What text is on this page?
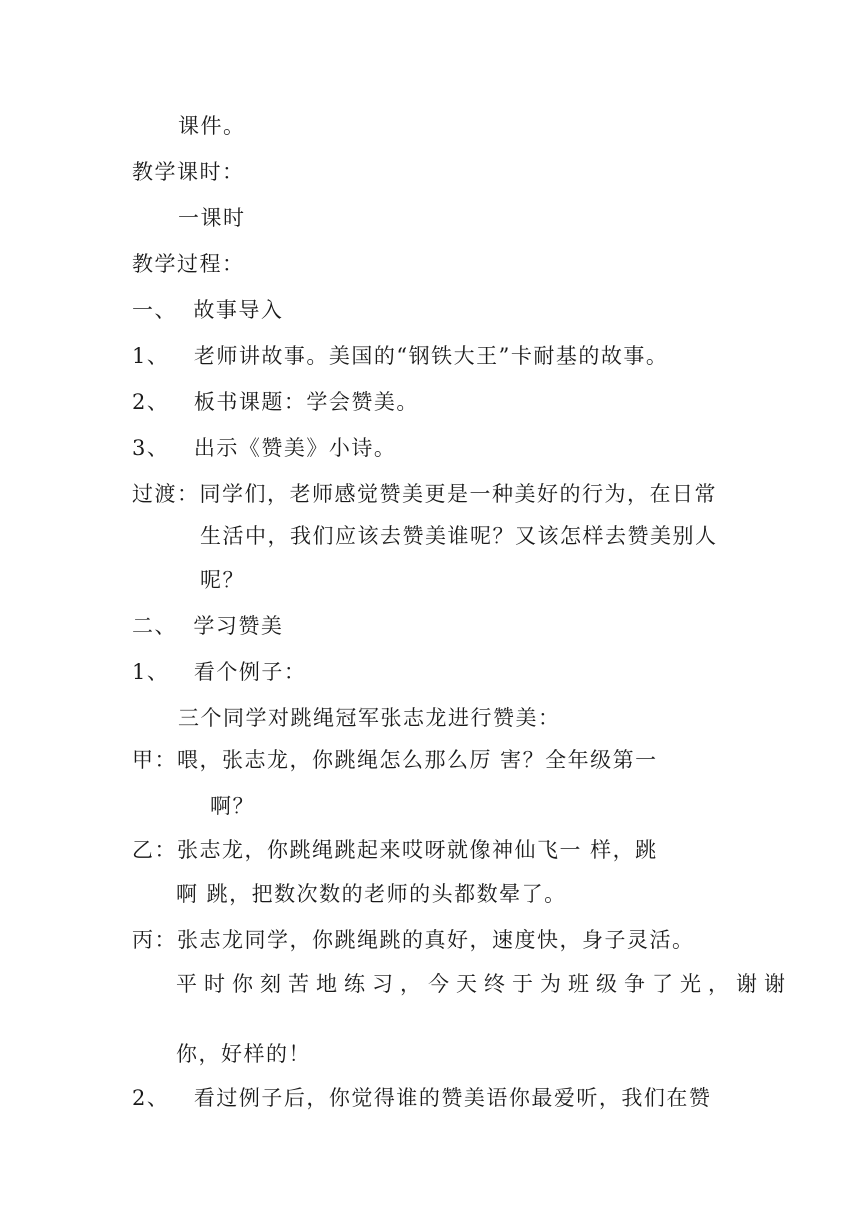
课件。
教学课时：
一课时
教学过程：
一、  故事导入
1、   老师讲故事。美国的“钢铁大王”卡耐基的故事。
2、   板书课题：学会赞美。
3、   出示《赞美》小诗。
过渡：同学们，老师感觉赞美更是一种美好的行为，在日常
生活中，我们应该去赞美谁呢？又该怎样去赞美别人
呢？
二、  学习赞美
1、   看个例子：
三个同学对跳绳冠军张志龙进行赞美：
甲：喂，张志龙，你跳绳怎么那么厉 害？全年级第一
啊？
乙：张志龙，你跳绳跳起来哎呀就像神仙飞一 样，跳
啊 跳，把数次数的老师的头都数晕了。
丙：张志龙同学，你跳绳跳的真好，速度快，身子灵活。
平时你刻苦地练习，今天终于为班级争了光，谢谢
你，好样的！
2、   看过例子后，你觉得谁的赞美语你最爱听，我们在赞
